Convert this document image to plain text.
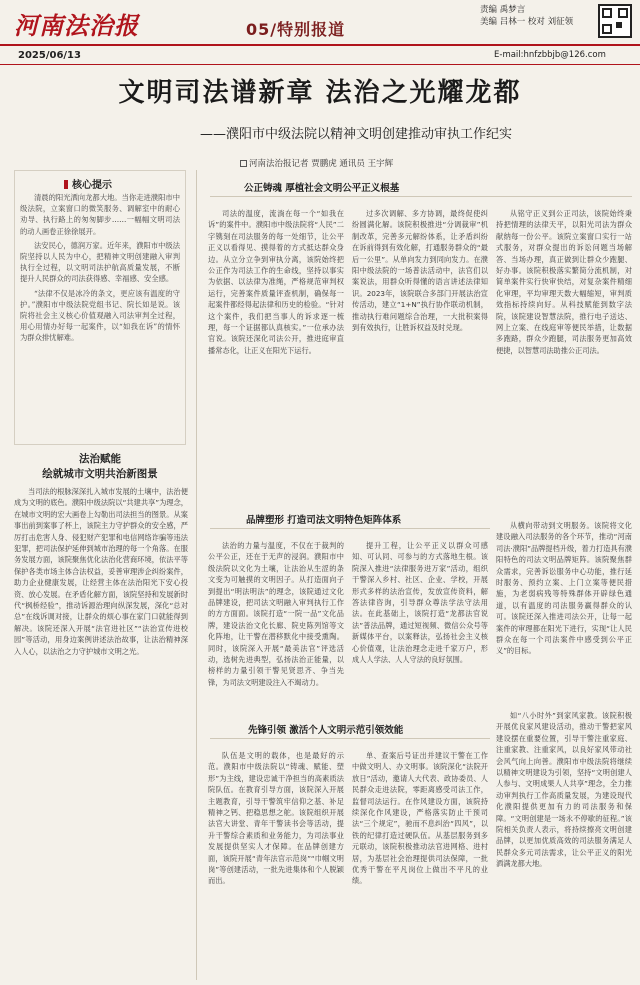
河南法治报	05/特别报道
责编 禹梦言
美编 吕林一 校对 刘征领
2025/06/13	E-mail:hnfzbbjb@126.com
文明司法谱新章 法治之光耀龙都
——濮阳市中级法院以精神文明创建推动审执工作纪实
河南法治报记者 贾鹏虎 通讯员 王宇辉
核心提示

清晨的阳光洒向龙都大地。当你走进濮阳市中级法院，立案窗口的微笑服务、调解室中的耐心劝导、执行路上的匆匆脚步……一幅幅文明司法的动人画卷正徐徐展开。

法安民心，德润万家。近年来，濮阳市中级法院坚持以人民为中心，把精神文明创建融入审判执行全过程，以文明司法护航高质量发展，不断提升人民群众的司法获得感、幸福感、安全感。

“法律不仅是冰冷的条文，更应该有温度的守护。”濮阳市中级法院党组书记、院长如是说。该院将社会主义核心价值观融入司法审判全过程，用心用情办好每一起案件，以“如我在诉”的情怀为群众排忧解难。

法治赋能
绘就城市文明共治新图景
当司法的根脉深深扎入城市发展的土壤中，法治便成为文明的底色。濮阳中级法院以“共建共享”为理念，在城市文明的宏大画卷上勾勒出司法担当的图景。从案事出前到案事了杯上，该院主力守护群众的安全感，严厉打击危害人身、侵犯财产犯罪和电信网络诈骗等违法犯罪，把司法保护延伸到城市治理的每一个角落。在服务发展方面，该院聚焦优化法治化营商环境，依法平等保护各类市场主体合法权益，妥善审理涉企纠纷案件，助力企业健康发展，让经营主体在法治阳光下安心投资、放心发展。在矛盾化解方面，该院坚持和发展新时代“枫桥经验”，推动诉源治理向纵深发展，深化“总对总”在线诉调对接，让群众的烦心事在家门口就能得到解决。该院还深入开展“法官进社区”“法治宣传进校园”等活动，用身边案例讲述法治故事，让法治精神深入人心，以法治之力守护城市文明之光。
公正铸魂 厚植社会文明公平正义根基
司法的温度，流淌在每一个“如我在诉”的案件中。濮阳市中级法院将“人民”二字镌刻在司法服务的每一处细节，让公平正义以看得见、摸得着的方式抵达群众身边。从立分立争到审执分离，该院始终把公正作为司法工作的生命线，坚持以事实为依据、以法律为准绳，严格规范审判权运行，完善案件质量评查机制，确保每一起案件都经得起法律和历史的检验。“针对这个案件，我们把当事人的诉求逐一梳理，每一个证据都认真核实。”一位承办法官说。该院还深化司法公开，推进庭审直播常态化，让正义在阳光下运行。
过多次调解、多方协调，最终促使纠纷圆满化解。该院积极推进“分调裁审”机制改革，完善多元解纷体系，让矛盾纠纷在诉前得到有效化解，打通服务群众的“最后一公里”。从单向发力到同向发力。在濮阳中级法院的一场普法活动中，法官们以案说法，用群众听得懂的语言讲述法律知识。2023年，该院联合多部门开展法治宣传活动，建立“1+N”执行协作联动机制，推动执行难问题综合治理，一大批积案得到有效执行，让胜诉权益及时兑现。
从铭守正义到公正司法，该院始终秉持把情理的法律天平，以阳光司法为群众献纳每一份公平。该院立案窗口实行一站式服务，对群众提出的诉讼问题当场解答、当场办理，真正做到让群众少跑腿、好办事。该院积极落实繁简分流机制，对简单案件实行快审快结，对复杂案件精细化审理，平均审理天数大幅缩短，审判质效指标持续向好。从科技赋能到数字法院，该院建设智慧法院，推行电子送达、网上立案、在线庭审等便民举措，让数据多跑路，群众少跑腿，司法服务更加高效便捷，以智慧司法助推公正司法。
品牌塑形 打造司法文明特色矩阵体系
法治的力量与温度，不仅在于裁判的公平公正，还在于无声的浸润。濮阳市中级法院以文化为土壤，让法治从生涩的条文变为可触摸的文明因子。从打造面向子到提出“明法明法”的理念，该院通过文化品牌建设，把司法文明融入审判执行工作的方方面面。该院打造“一院一品”文化品牌，建设法治文化长廊、院史陈列馆等文化阵地，让干警在潜移默化中接受熏陶。同时，该院深入开展“最美法官”评选活动，选树先进典型，弘扬法治正能量，以榜样的力量引领干警见贤思齐、争当先锋，为司法文明建设注入不竭动力。
提升工程，让公平正义以群众可感知、可认同、可参与的方式落地生根。该院深入推进“法律服务进万家”活动，组织干警深入乡村、社区、企业、学校，开展形式多样的法治宣传，发放宣传资料，解答法律咨询，引导群众尊法学法守法用法。在此基础上，该院打造“龙都法官说法”普法品牌，通过短视频、微信公众号等新媒体平台，以案释法，弘扬社会主义核心价值观，让法治理念走进千家万户，形成人人学法、人人守法的良好氛围。
从横向带动到文明服务。该院将文化建设融入司法服务的各个环节，推动“河南司法·濮阳”品牌提档升级，着力打造具有濮阳特色的司法文明品牌矩阵。该院聚焦群众需求，完善诉讼服务中心功能，推行延时服务、预约立案、上门立案等便民措施，为老弱病残等特殊群体开辟绿色通道，以有温度的司法服务赢得群众的认可。该院还深入推进司法公开，让每一起案件的审理都在阳光下进行，实现“让人民群众在每一个司法案件中感受到公平正义”的目标。
先锋引领 激活个人文明示范引领效能
队伍是文明的载体，也是最好的示范。濮阳市中级法院以“铸魂、赋能、塑形”为主线，建设忠诚干净担当的高素质法院队伍。在教育引导方面，该院深入开展主题教育，引导干警筑牢信仰之基、补足精神之钙、把稳思想之舵。该院组织开展法官大讲堂、青年干警读书会等活动，提升干警综合素质和业务能力，为司法事业发展提供坚实人才保障。在品牌创建方面，该院开展“青年法官示范岗”“巾帼文明岗”等创建活动，一批先进集体和个人脱颖而出。
单、查案后号证出并建议干警在工作中做文明人、办文明事。该院深化“法院开放日”活动，邀请人大代表、政协委员、人民群众走进法院，零距离感受司法工作，监督司法运行。在作风建设方面，该院持续深化作风建设，严格落实防止干预司法“三个规定”，驰而不息纠治“四风”，以铁的纪律打造过硬队伍。从基层服务到多元联动，该院积极推动法官进网格、进村居，为基层社会治理提供司法保障，一批优秀干警在平凡岗位上做出不平凡的业绩。
如“八小时外”到家风家教。该院积极开展优良家风建设活动，推动干警把家风建设摆在重要位置，引导干警注重家庭、注重家教、注重家风，以良好家风带动社会风气向上向善。濮阳市中级法院将继续以精神文明建设为引领，坚持“文明创建人人参与、文明成果人人共享”理念，全力推动审判执行工作高质量发展，为建设现代化濮阳提供更加有力的司法服务和保障。“文明创建是一场永不停歇的征程。”该院相关负责人表示，将持续擦亮文明创建品牌，以更加优质高效的司法服务满足人民群众多元司法需求，让公平正义的阳光洒满龙都大地。
